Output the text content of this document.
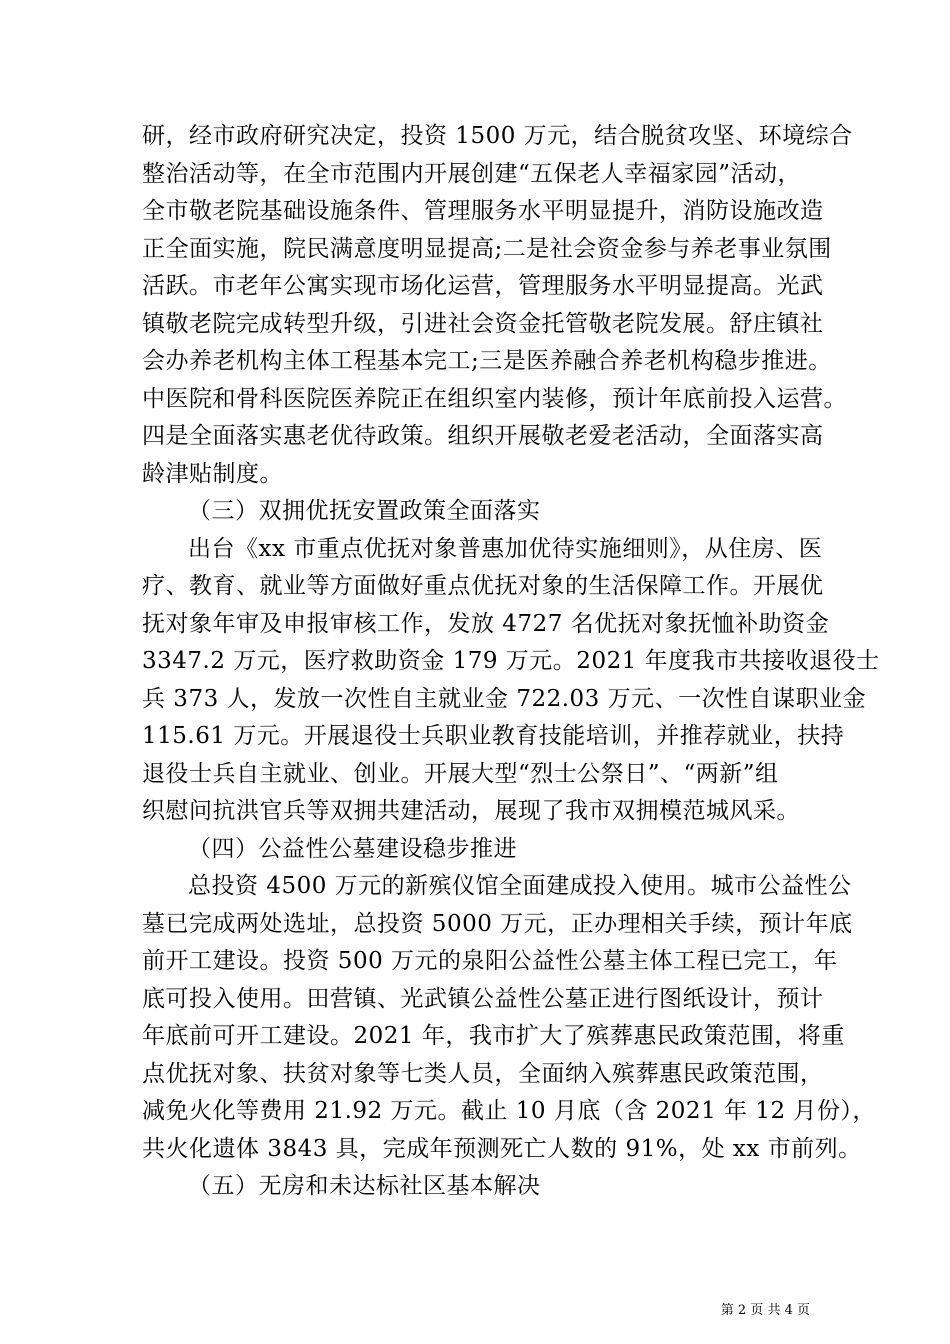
研，经市政府研究决定，投资 1500 万元，结合脱贫攻坚、环境综合
整治活动等，在全市范围内开展创建“五保老人幸福家园”活动，
全市敬老院基础设施条件、管理服务水平明显提升，消防设施改造
正全面实施，院民满意度明显提高;二是社会资金参与养老事业氛围
活跃。市老年公寓实现市场化运营，管理服务水平明显提高。光武
镇敬老院完成转型升级，引进社会资金托管敬老院发展。舒庄镇社
会办养老机构主体工程基本完工;三是医养融合养老机构稳步推进。
中医院和骨科医院医养院正在组织室内装修，预计年底前投入运营。
四是全面落实惠老优待政策。组织开展敬老爱老活动，全面落实高
龄津贴制度。
（三）双拥优抚安置政策全面落实
出台《xx 市重点优抚对象普惠加优待实施细则》，从住房、医
疗、教育、就业等方面做好重点优抚对象的生活保障工作。开展优
抚对象年审及申报审核工作，发放 4727 名优抚对象抚恤补助资金
3347.2 万元，医疗救助资金 179 万元。2021 年度我市共接收退役士
兵 373 人，发放一次性自主就业金 722.03 万元、一次性自谋职业金
115.61 万元。开展退役士兵职业教育技能培训，并推荐就业，扶持
退役士兵自主就业、创业。开展大型“烈士公祭日”、“两新”组
织慰问抗洪官兵等双拥共建活动，展现了我市双拥模范城风采。
（四）公益性公墓建设稳步推进
总投资 4500 万元的新殡仪馆全面建成投入使用。城市公益性公
墓已完成两处选址，总投资 5000 万元，正办理相关手续，预计年底
前开工建设。投资 500 万元的泉阳公益性公墓主体工程已完工，年
底可投入使用。田营镇、光武镇公益性公墓正进行图纸设计，预计
年底前可开工建设。2021 年，我市扩大了殡葬惠民政策范围，将重
点优抚对象、扶贫对象等七类人员，全面纳入殡葬惠民政策范围，
减免火化等费用 21.92 万元。截止 10 月底（含 2021 年 12 月份），
共火化遗体 3843 具，完成年预测死亡人数的 91%，处 xx 市前列。
（五）无房和未达标社区基本解决
第 2 页 共 4 页
